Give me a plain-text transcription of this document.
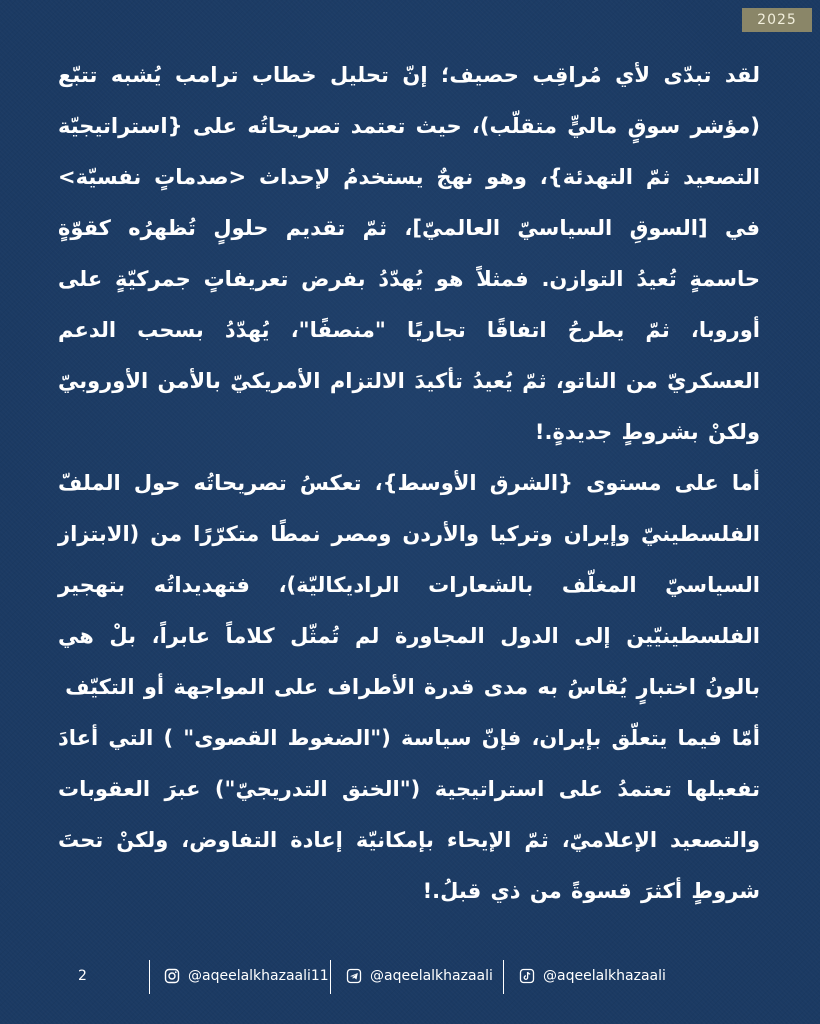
2025

لقد تبدّى لأي مُراقِب حصيف؛ إنّ تحليل خطاب ترامب يُشبه تتبّع (مؤشر سوقٍ ماليٍّ متقلّب)، حيث تعتمد تصريحاتُه على {استراتيجيّة التصعيد ثمّ التهدئة}، وهو نهجٌ يستخدمُ لإحداث <صدماتٍ نفسيّة> في [السوقِ السياسيّ العالميّ]، ثمّ تقديم حلولٍ تُظهرُه كقوّةٍ حاسمةٍ تُعيدُ التوازن. فمثلاً هو يُهدّدُ بفرض تعريفاتٍ جمركيّةٍ على أوروبا، ثمّ يطرحُ اتفاقًا تجاريًا "منصفًا"، يُهدّدُ بسحب الدعم العسكريّ من الناتو، ثمّ يُعيدُ تأكيدَ الالتزام الأمريكيّ بالأمن الأوروبيّ ولكنْ بشروطٍ جديدةٍ.!

أما على مستوى {الشرق الأوسط}، تعكسُ تصريحاتُه حول الملفّ الفلسطينيّ وإيران وتركيا والأردن ومصر نمطًا متكرّرًا من (الابتزاز السياسيّ المغلّف بالشعارات الراديكاليّة)، فتهديداتُه بتهجير الفلسطينيّين إلى الدول المجاورة لم تُمثّل كلاماً عابراً، بلْ هي بالونُ اختبارٍ يُقاسُ به مدى قدرة الأطراف على المواجهة أو التكيّف

أمّا فيما يتعلّق بإيران، فإنّ سياسة ("الضغوط القصوى" ) التي أعادَ تفعيلها تعتمدُ على استراتيجية ("الخنق التدريجيّ") عبرَ العقوبات والتصعيد الإعلاميّ، ثمّ الإيحاء بإمكانيّة إعادة التفاوض، ولكنْ تحتَ شروطٍ أكثرَ قسوةً من ذي قبلُ.!

2	@aqeelalkhazaali11	@aqeelalkhazaali	@aqeelalkhazaali
